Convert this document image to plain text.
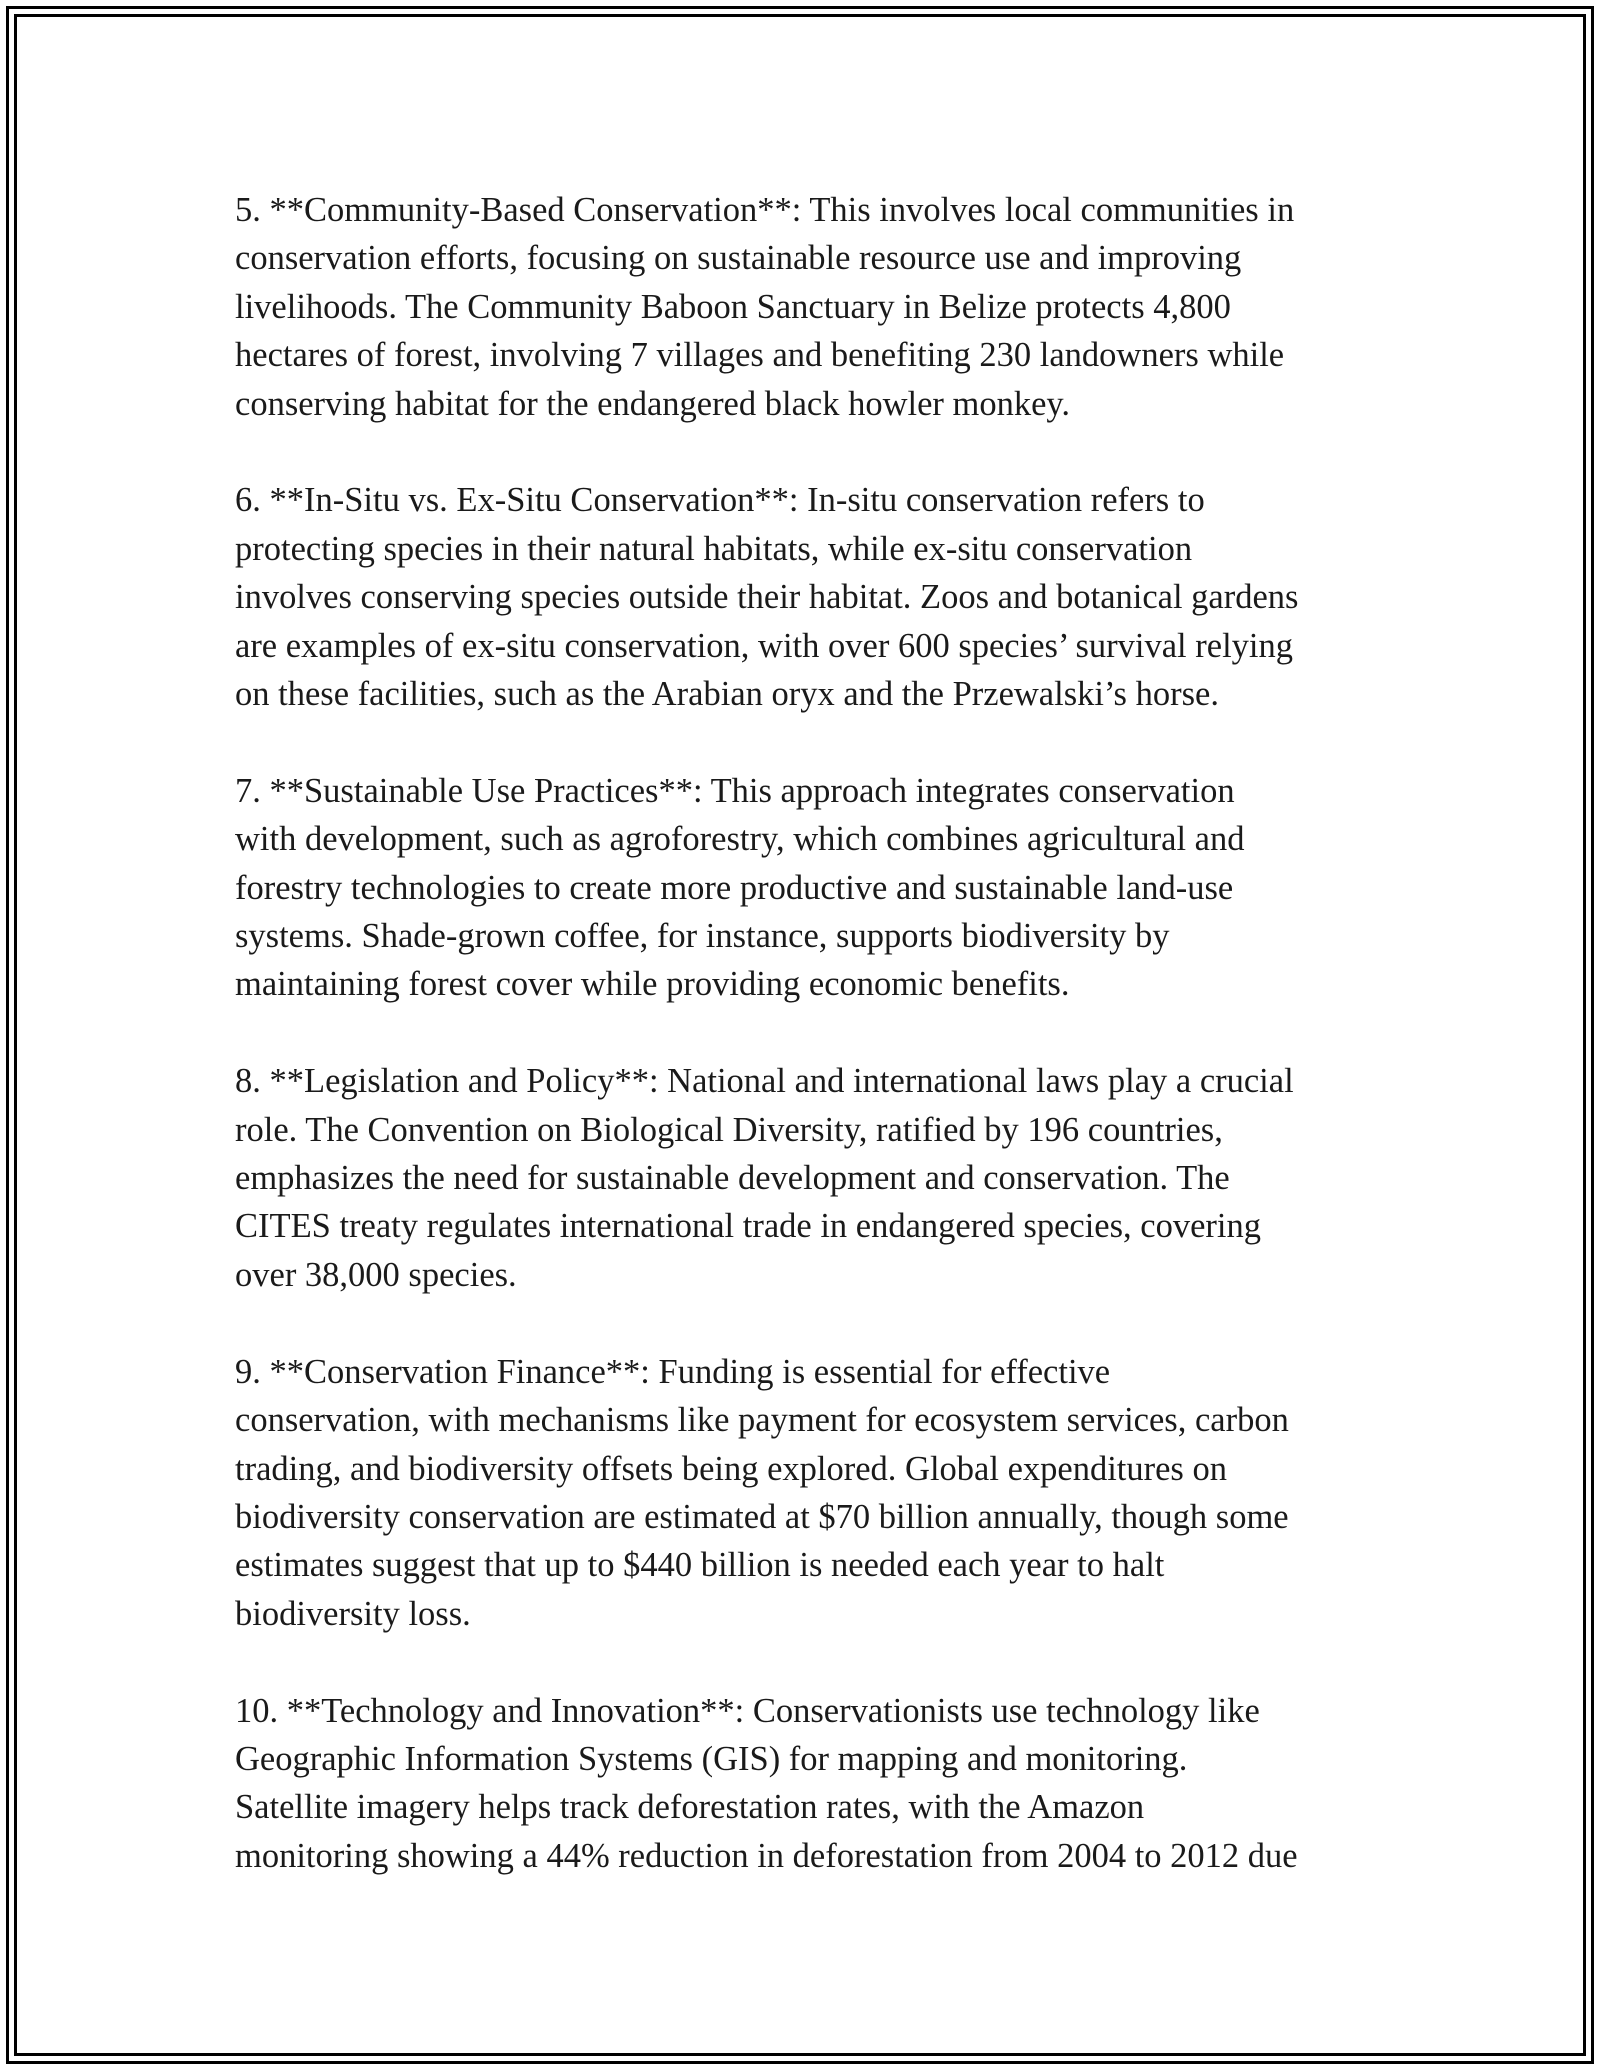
5. **Community-Based Conservation**: This involves local communities in
conservation efforts, focusing on sustainable resource use and improving
livelihoods. The Community Baboon Sanctuary in Belize protects 4,800
hectares of forest, involving 7 villages and benefiting 230 landowners while
conserving habitat for the endangered black howler monkey.

6. **In-Situ vs. Ex-Situ Conservation**: In-situ conservation refers to
protecting species in their natural habitats, while ex-situ conservation
involves conserving species outside their habitat. Zoos and botanical gardens
are examples of ex-situ conservation, with over 600 species’ survival relying
on these facilities, such as the Arabian oryx and the Przewalski’s horse.

7. **Sustainable Use Practices**: This approach integrates conservation
with development, such as agroforestry, which combines agricultural and
forestry technologies to create more productive and sustainable land-use
systems. Shade-grown coffee, for instance, supports biodiversity by
maintaining forest cover while providing economic benefits.

8. **Legislation and Policy**: National and international laws play a crucial
role. The Convention on Biological Diversity, ratified by 196 countries,
emphasizes the need for sustainable development and conservation. The
CITES treaty regulates international trade in endangered species, covering
over 38,000 species.

9. **Conservation Finance**: Funding is essential for effective
conservation, with mechanisms like payment for ecosystem services, carbon
trading, and biodiversity offsets being explored. Global expenditures on
biodiversity conservation are estimated at $70 billion annually, though some
estimates suggest that up to $440 billion is needed each year to halt
biodiversity loss.

10. **Technology and Innovation**: Conservationists use technology like
Geographic Information Systems (GIS) for mapping and monitoring.
Satellite imagery helps track deforestation rates, with the Amazon
monitoring showing a 44% reduction in deforestation from 2004 to 2012 due
